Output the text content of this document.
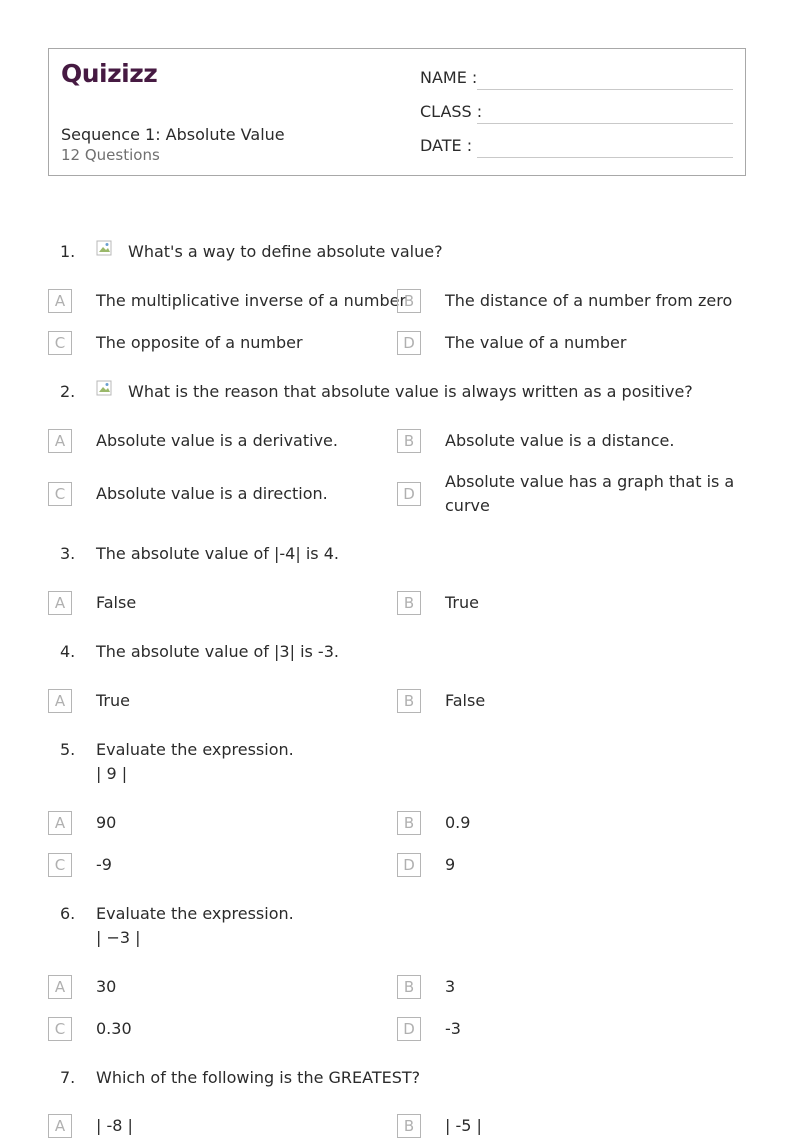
Quizizz
Sequence 1: Absolute Value
12 Questions
NAME :
CLASS :
DATE :
1.	What's a way to define absolute value?
A	The multiplicative inverse of a number
B	The distance of a number from zero
C	The opposite of a number	D	The value of a number
2.	What is the reason that absolute value is always written as a positive?
A	Absolute value is a derivative.	B	Absolute value is a distance.
C	Absolute value is a direction.	D
Absolute value has a graph that is a curve
3. The absolute value of |-4| is 4.
A	False	B	True
4. The absolute value of |3| is -3.
A	True	B	False
5. Evaluate the expression.
| 9 |
A	90	B	0.9
C	-9	D	9
6. Evaluate the expression.
| −3 |
A	30	B	3
C	0.30	D	-3
7. Which of the following is the GREATEST?
A	| -8 |	B	| -5 |
